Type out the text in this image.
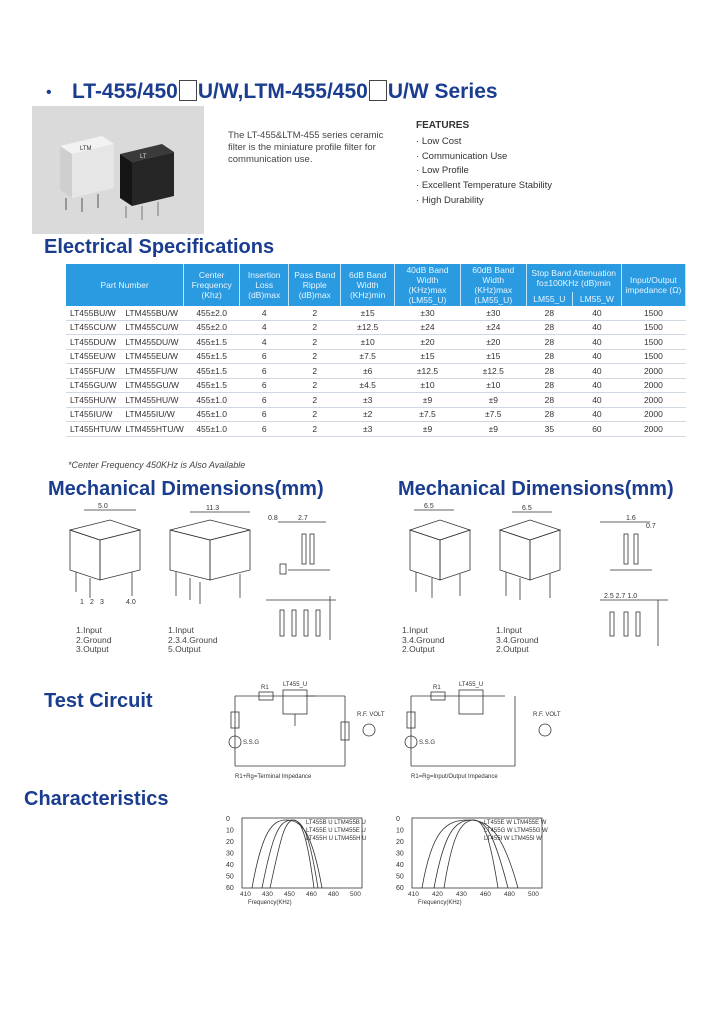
• LT-455/450 U/W,LTM-455/450 U/W Series
LTM
LT
The LT-455&LTM-455 series ceramic filter is the miniature profile filter for communication use.
FEATURES
· Low Cost
· Communication Use
· Low Profile
· Excellent Temperature Stability
· High Durability
Electrical Specifications
Part Number		Center Frequency (Khz)	Insertion Loss (dB)max	Pass Band Ripple (dB)max	6dB Band Width (KHz)min	40dB Band Width (KHz)max (LM55_U)	60dB Band Width (KHz)max (LM55_U)	Stop Band Attenuation fo±100KHz (dB)min		Input/Output impedance (Ω)
								LM55_U	LM55_W	
LT455BU/W	LTM455BU/W	455±2.0	4	2	±15	±30	±30	28	40	1500
LT455CU/W	LTM455CU/W	455±2.0	4	2	±12.5	±24	±24	28	40	1500
LT455DU/W	LTM455DU/W	455±1.5	4	2	±10	±20	±20	28	40	1500
LT455EU/W	LTM455EU/W	455±1.5	6	2	±7.5	±15	±15	28	40	1500
LT455FU/W	LTM455FU/W	455±1.5	6	2	±6	±12.5	±12.5	28	40	2000
LT455GU/W	LTM455GU/W	455±1.5	6	2	±4.5	±10	±10	28	40	2000
LT455HU/W	LTM455HU/W	455±1.0	6	2	±3	±9	±9	28	40	2000
LT455IU/W	LTM455IU/W	455±1.0	6	2	±2	±7.5	±7.5	28	40	2000
LT455HTU/W	LTM455HTU/W	455±1.0	6	2	±3	±9	±9	35	60	2000
*Center Frequency 450KHz is Also Available
Mechanical Dimensions(mm)	Mechanical Dimensions(mm)
5.0	11.3
2.7
0.8
4.0
6.5	6.5
1.6
0.7
2.5 2.7 1.0
1 2 3
1.Input
2.Ground
3.Output
1.Input
2.3.4.Ground
5.Output
1.Input
3.4.Ground
2.Output
1.Input
3.4.Ground
2.Output
Test Circuit
R1 LT455_U
S.S.G
R.F. VOLT
R1	LT455_U
S.S.G
R.F. VOLT
R1+Rg=Terminal Impedance	R1=Rg=Input/Output Impedance
Characteristics
0
10
20
30
40
50
60
0
10
20
30
40
50
60
LT455B U LTM455B U
LT455E U LTM455E U
LT455H U LTM455H U
LT455E W LTM455E W
LT455G W LTM455G W
LT455I W LTM455I W
Frequency(KHz)	Frequency(KHz)
410 430 450 460 480 500	410 420 430 460 480 500
